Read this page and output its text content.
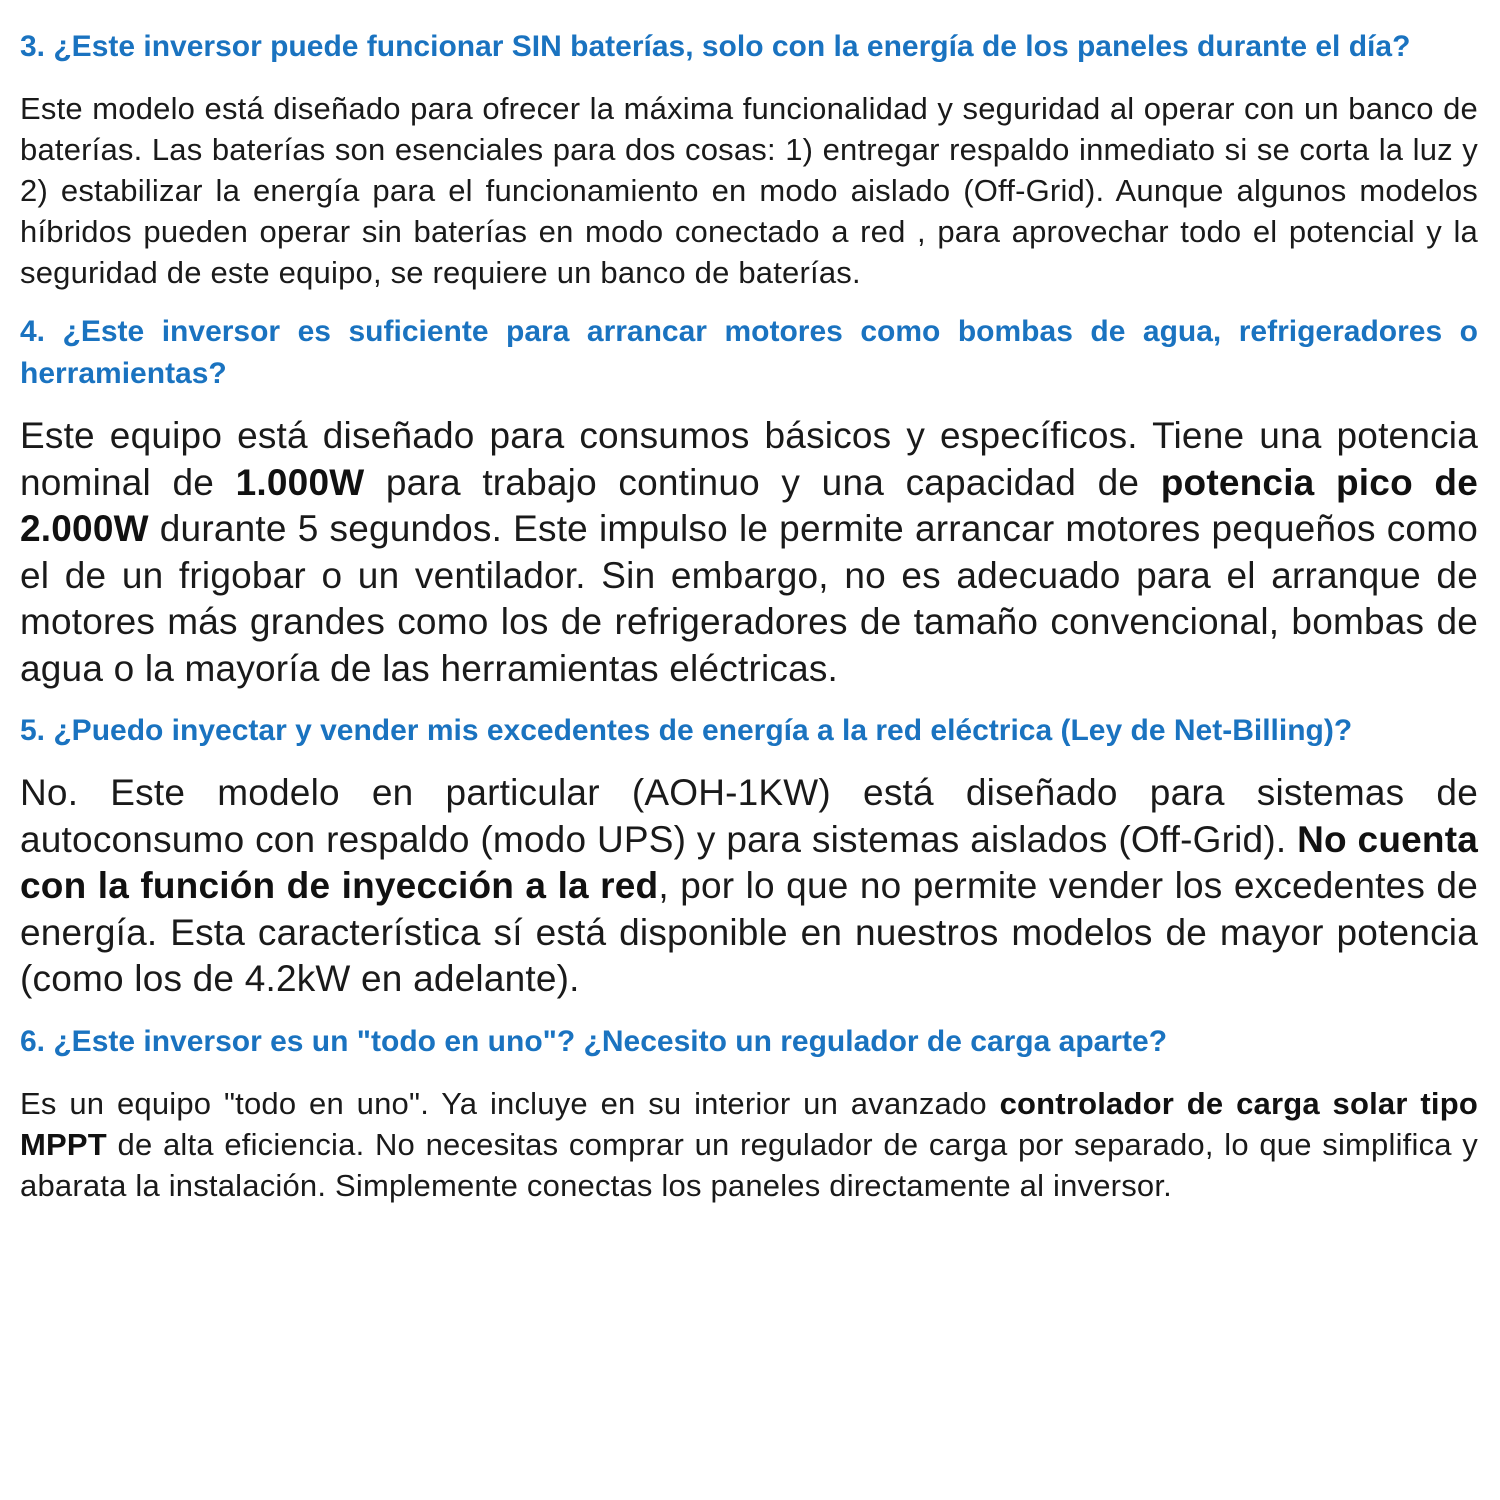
3. ¿Este inversor puede funcionar SIN baterías, solo con la energía de los paneles durante el día?

Este modelo está diseñado para ofrecer la máxima funcionalidad y seguridad al operar con un banco de baterías. Las baterías son esenciales para dos cosas: 1) entregar respaldo inmediato si se corta la luz y 2) estabilizar la energía para el funcionamiento en modo aislado (Off-Grid). Aunque algunos modelos híbridos pueden operar sin baterías en modo conectado a red , para aprovechar todo el potencial y la seguridad de este equipo, se requiere un banco de baterías.

4. ¿Este inversor es suficiente para arrancar motores como bombas de agua, refrigeradores o herramientas?

Este equipo está diseñado para consumos básicos y específicos. Tiene una potencia nominal de 1.000W para trabajo continuo y una capacidad de potencia pico de 2.000W durante 5 segundos. Este impulso le permite arrancar motores pequeños como el de un frigobar o un ventilador. Sin embargo, no es adecuado para el arranque de motores más grandes como los de refrigeradores de tamaño convencional, bombas de agua o la mayoría de las herramientas eléctricas.

5. ¿Puedo inyectar y vender mis excedentes de energía a la red eléctrica (Ley de Net-Billing)?

No. Este modelo en particular (AOH-1KW) está diseñado para sistemas de autoconsumo con respaldo (modo UPS) y para sistemas aislados (Off-Grid). No cuenta con la función de inyección a la red, por lo que no permite vender los excedentes de energía. Esta característica sí está disponible en nuestros modelos de mayor potencia (como los de 4.2kW en adelante).

6. ¿Este inversor es un "todo en uno"? ¿Necesito un regulador de carga aparte?

Es un equipo "todo en uno". Ya incluye en su interior un avanzado controlador de carga solar tipo MPPT de alta eficiencia. No necesitas comprar un regulador de carga por separado, lo que simplifica y abarata la instalación. Simplemente conectas los paneles directamente al inversor.
